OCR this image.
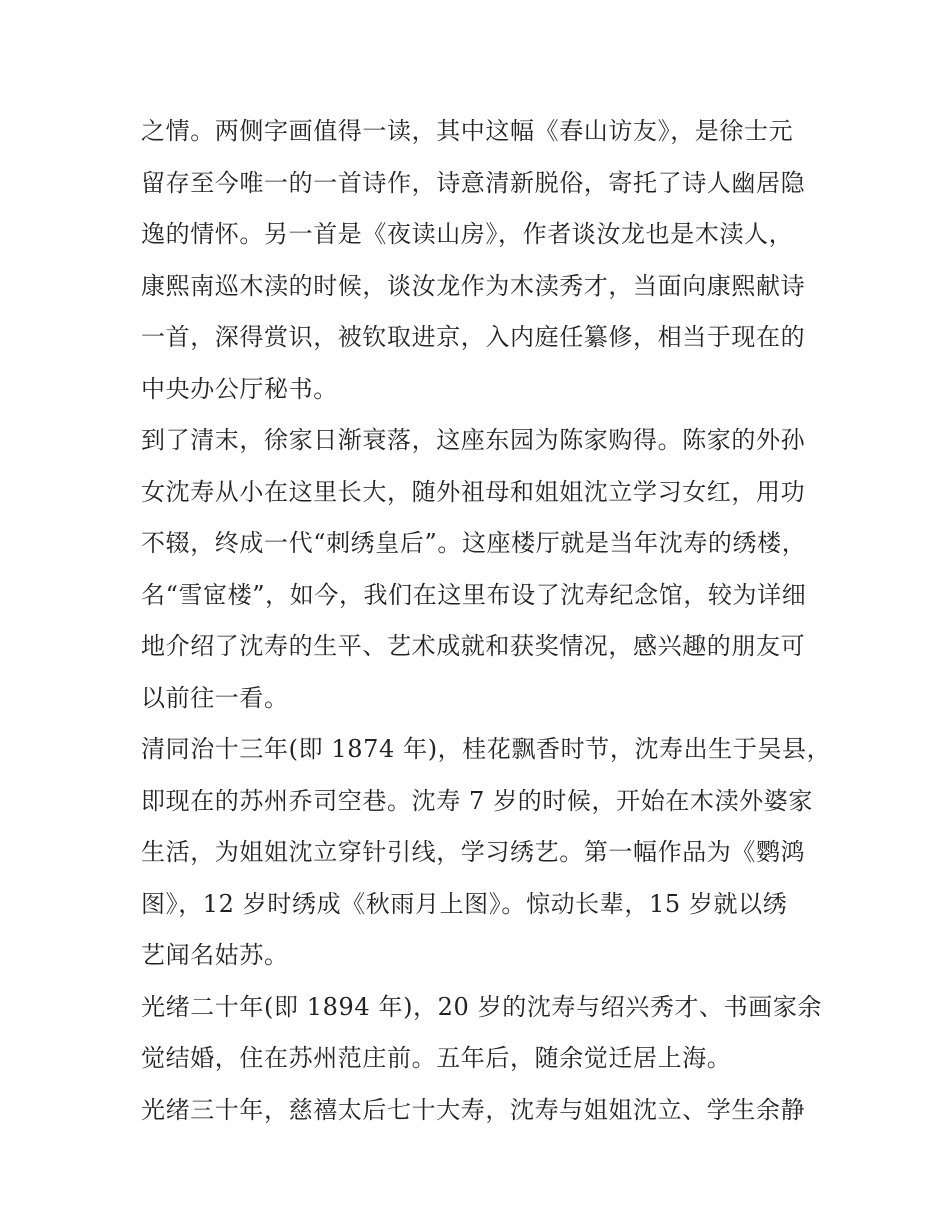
之情。两侧字画值得一读，其中这幅《春山访友》，是徐士元
留存至今唯一的一首诗作，诗意清新脱俗，寄托了诗人幽居隐
逸的情怀。另一首是《夜读山房》，作者谈汝龙也是木渎人，
康熙南巡木渎的时候，谈汝龙作为木渎秀才，当面向康熙献诗
一首，深得赏识，被钦取进京，入内庭任纂修，相当于现在的
中央办公厅秘书。
到了清末，徐家日渐衰落，这座东园为陈家购得。陈家的外孙
女沈寿从小在这里长大，随外祖母和姐姐沈立学习女红，用功
不辍，终成一代“刺绣皇后”。这座楼厅就是当年沈寿的绣楼，
名“雪宧楼”，如今，我们在这里布设了沈寿纪念馆，较为详细
地介绍了沈寿的生平、艺术成就和获奖情况，感兴趣的朋友可
以前往一看。
清同治十三年(即 1874 年)，桂花飘香时节，沈寿出生于吴县，
即现在的苏州乔司空巷。沈寿 7 岁的时候，开始在木渎外婆家
生活，为姐姐沈立穿针引线，学习绣艺。第一幅作品为《鹦鸿
图》，12 岁时绣成《秋雨月上图》。惊动长辈，15 岁就以绣
艺闻名姑苏。
光绪二十年(即 1894 年)，20 岁的沈寿与绍兴秀才、书画家余
觉结婚，住在苏州范庄前。五年后，随余觉迁居上海。
光绪三十年，慈禧太后七十大寿，沈寿与姐姐沈立、学生余静
